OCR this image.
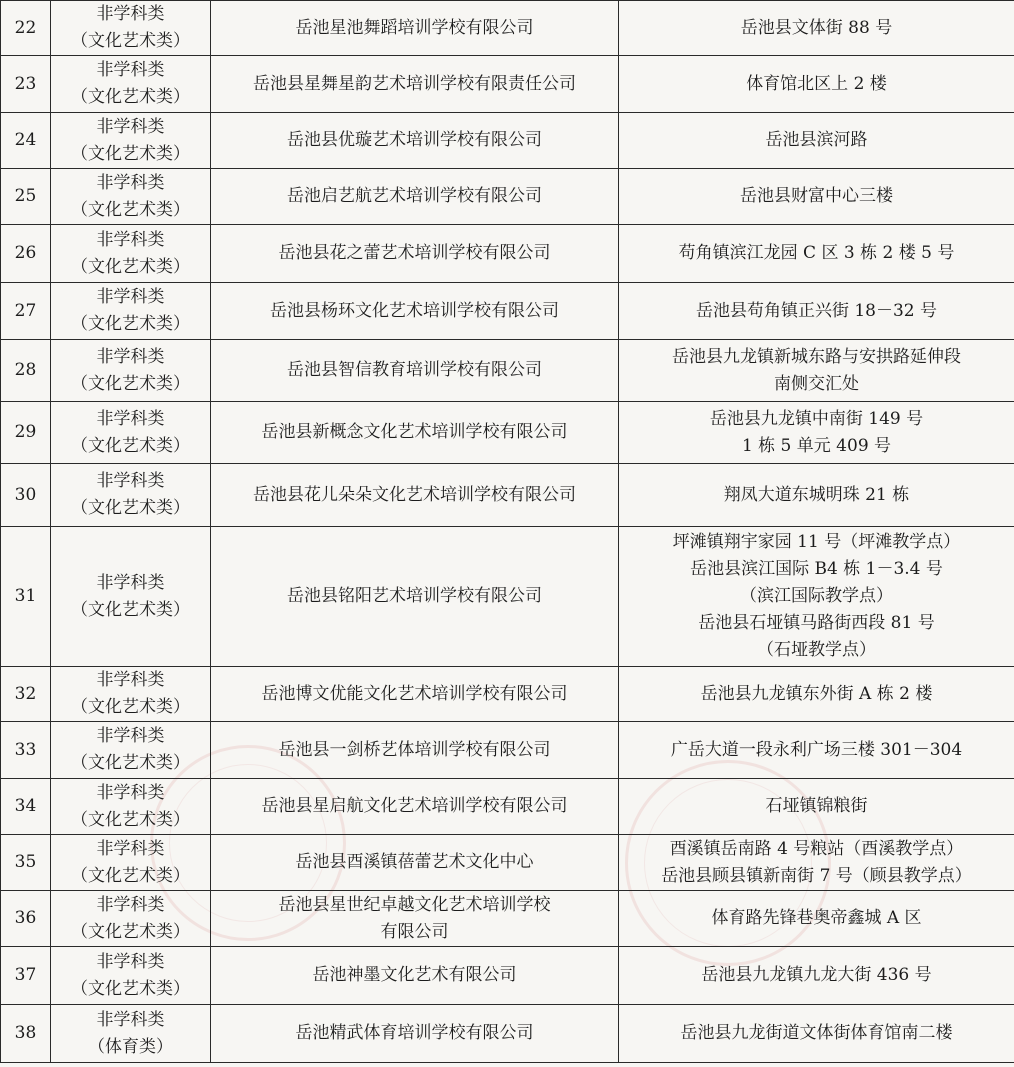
22	非学科类
（文化艺术类）	岳池星池舞蹈培训学校有限公司	岳池县文体街 88 号

23	非学科类
（文化艺术类）	岳池县星舞星韵艺术培训学校有限责任公司	体育馆北区上 2 楼

24	非学科类
（文化艺术类）	岳池县优璇艺术培训学校有限公司	岳池县滨河路

25	非学科类
（文化艺术类）	岳池启艺航艺术培训学校有限公司	岳池县财富中心三楼

26	非学科类
（文化艺术类）	岳池县花之蕾艺术培训学校有限公司	苟角镇滨江龙园 C 区 3 栋 2 楼 5 号

27	非学科类
（文化艺术类）	岳池县杨环文化艺术培训学校有限公司	岳池县苟角镇正兴街 18－32 号

28	非学科类
（文化艺术类）	岳池县智信教育培训学校有限公司	岳池县九龙镇新城东路与安拱路延伸段
南侧交汇处

29	非学科类
（文化艺术类）	岳池县新概念文化艺术培训学校有限公司	岳池县九龙镇中南街 149 号
1 栋 5 单元 409 号

30	非学科类
（文化艺术类）	岳池县花儿朵朵文化艺术培训学校有限公司	翔凤大道东城明珠 21 栋

31	非学科类
（文化艺术类）	岳池县铭阳艺术培训学校有限公司	坪滩镇翔宇家园 11 号（坪滩教学点）
岳池县滨江国际 B4 栋 1－3.4 号
（滨江国际教学点）
岳池县石垭镇马路街西段 81 号
（石垭教学点）

32	非学科类
（文化艺术类）	岳池博文优能文化艺术培训学校有限公司	岳池县九龙镇东外街 A 栋 2 楼

33	非学科类
（文化艺术类）	岳池县一剑桥艺体培训学校有限公司	广岳大道一段永利广场三楼 301－304

34	非学科类
（文化艺术类）	岳池县星启航文化艺术培训学校有限公司	石垭镇锦粮街

35	非学科类
（文化艺术类）	岳池县酉溪镇蓓蕾艺术文化中心	酉溪镇岳南路 4 号粮站（酉溪教学点）
岳池县顾县镇新南街 7 号（顾县教学点）

36	非学科类
（文化艺术类）	岳池县星世纪卓越文化艺术培训学校
有限公司	体育路先锋巷奥帝鑫城 A 区

37	非学科类
（文化艺术类）	岳池神墨文化艺术有限公司	岳池县九龙镇九龙大街 436 号

38	非学科类
（体育类）	岳池精武体育培训学校有限公司	岳池县九龙街道文体街体育馆南二楼
